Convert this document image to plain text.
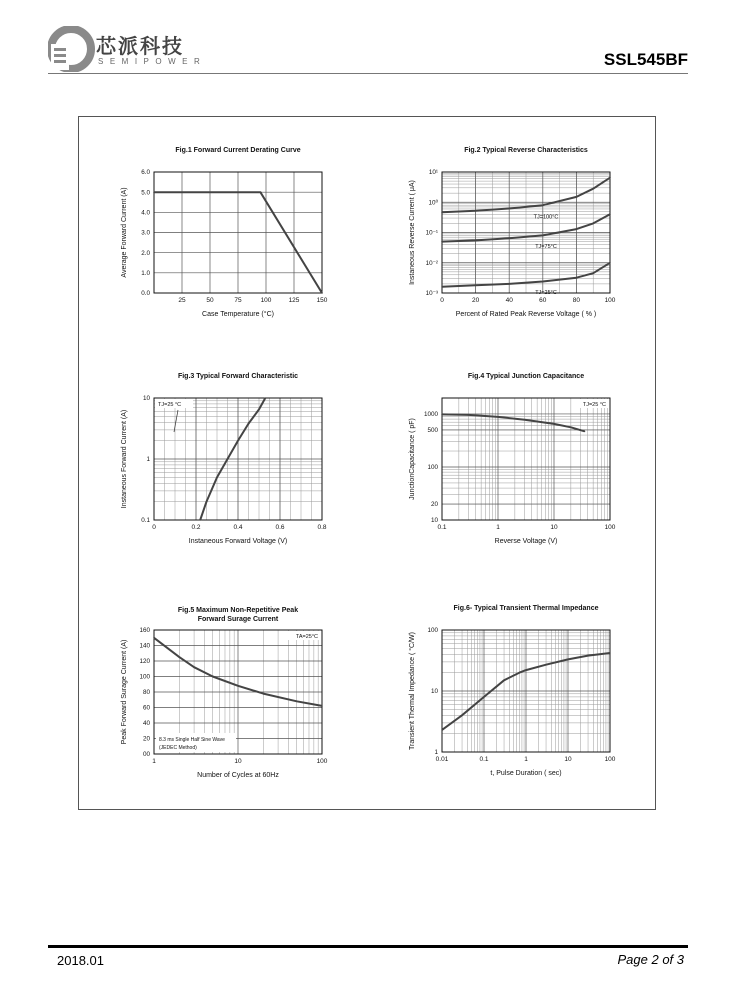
芯派科技
SEMIPOWER	SSL545BF
Fig.1 Forward Current Derating Curve
25	50	75	100	125	150
0.0
1.0
2.0
3.0
4.0
5.0
6.0
Case Temperature (°C)
Average Forward Current (A)
Fig.2 Typical Reverse Characteristics
0	20	40	60	80	100
10⁻³
10⁻²
10⁻¹
10⁰
10¹
Percent of Rated Peak Reverse Voltage ( % )
Instaneous Reverse Current ( μA)	TJ=100°C
TJ=75°C
TJ=25°C
Fig.3 Typical Forward Characteristic
0	0.2	0.4	0.6	0.8
0.1
1
10
Instaneous Forward Voltage (V)
Instaneous Forward Current (A)
TJ=25 °C
Fig.4 Typical Junction Capacitance
0.1	1	10	100
10
20
100
500
1000
Reverse Voltage (V)
JunctionCapacitance ( pF)
TJ=25 °C
Fig.5 Maximum Non-Repetitive Peak
Forward Surage Current
1	10	100
00
20
40
60
80
100
120
140
160
Number of Cycles at 60Hz
Peak Forward Surage Current (A)
TA=25°C
8.3 ms Single Half Sine Wave
(JEDEC Method)
Fig.6- Typical Transient Thermal Impedance
0.01	0.1	1	10	100
1
10
100
t, Pulse Duration ( sec)
Transient Thermal Impedance ( °C/W)
2018.01	Page 2 of 3
